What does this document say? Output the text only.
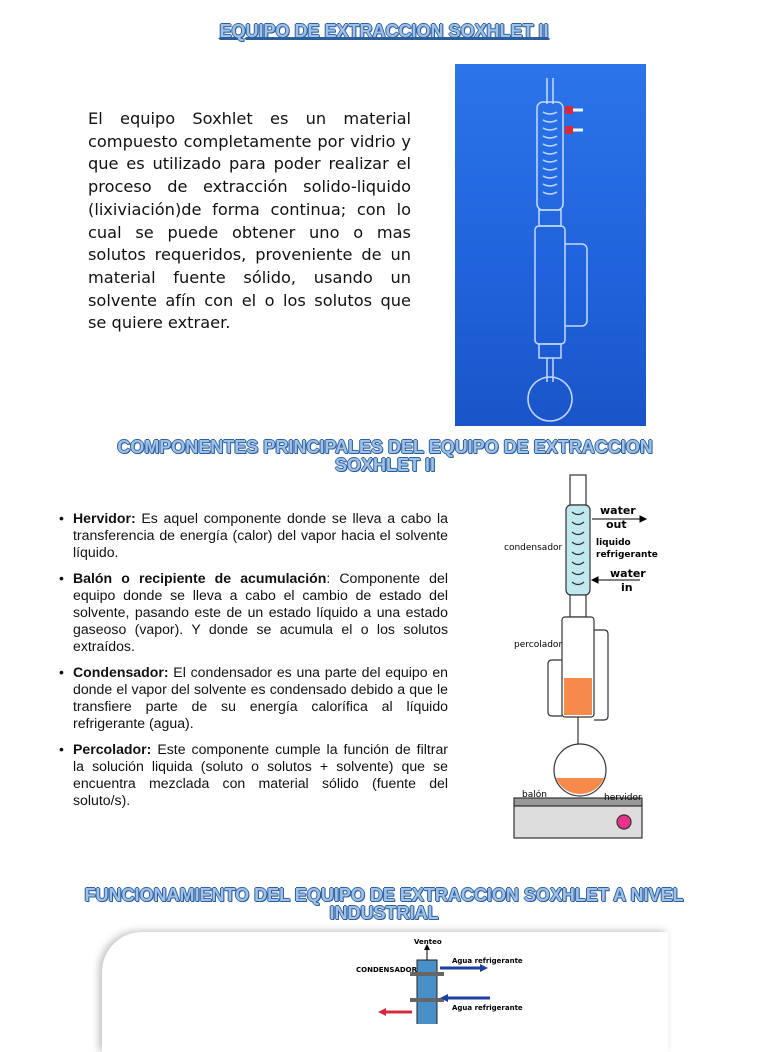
EQUIPO DE EXTRACCION SOXHLET II
El equipo Soxhlet es un material compuesto completamente por vidrio y que es utilizado para poder realizar el proceso de extracción solido-liquido (lixiviación)de forma continua; con lo cual se puede obtener uno o mas solutos requeridos, proveniente de un material fuente sólido, usando un solvente afín con el o los solutos que se quiere extraer.
COMPONENTES PRINCIPALES DEL EQUIPO DE EXTRACCION SOXHLET II
• Hervidor: Es aquel componente donde se lleva a cabo la transferencia de energía (calor) del vapor hacia el solvente líquido.
• Balón o recipiente de acumulación: Componente del equipo donde se lleva a cabo el cambio de estado del solvente, pasando este de un estado líquido a una estado gaseoso (vapor). Y donde se acumula el o los solutos extraídos.
• Condensador: El condensador es una parte del equipo en donde el vapor del solvente es condensado debido a que le transfiere parte de su energía calorífica al líquido refrigerante (agua).
• Percolador: Este componente cumple la función de filtrar la solución liquida (soluto o solutos + solvente) que se encuentra mezclada con material sólido (fuente del soluto/s).
water
out
condensador	liquido
refrigerante
water
in
percolador
balón	hervidor
FUNCIONAMIENTO DEL EQUIPO DE EXTRACCION SOXHLET A NIVEL INDUSTRIAL
Venteo
CONDENSADOR
Agua refrigerante
Agua refrigerante
